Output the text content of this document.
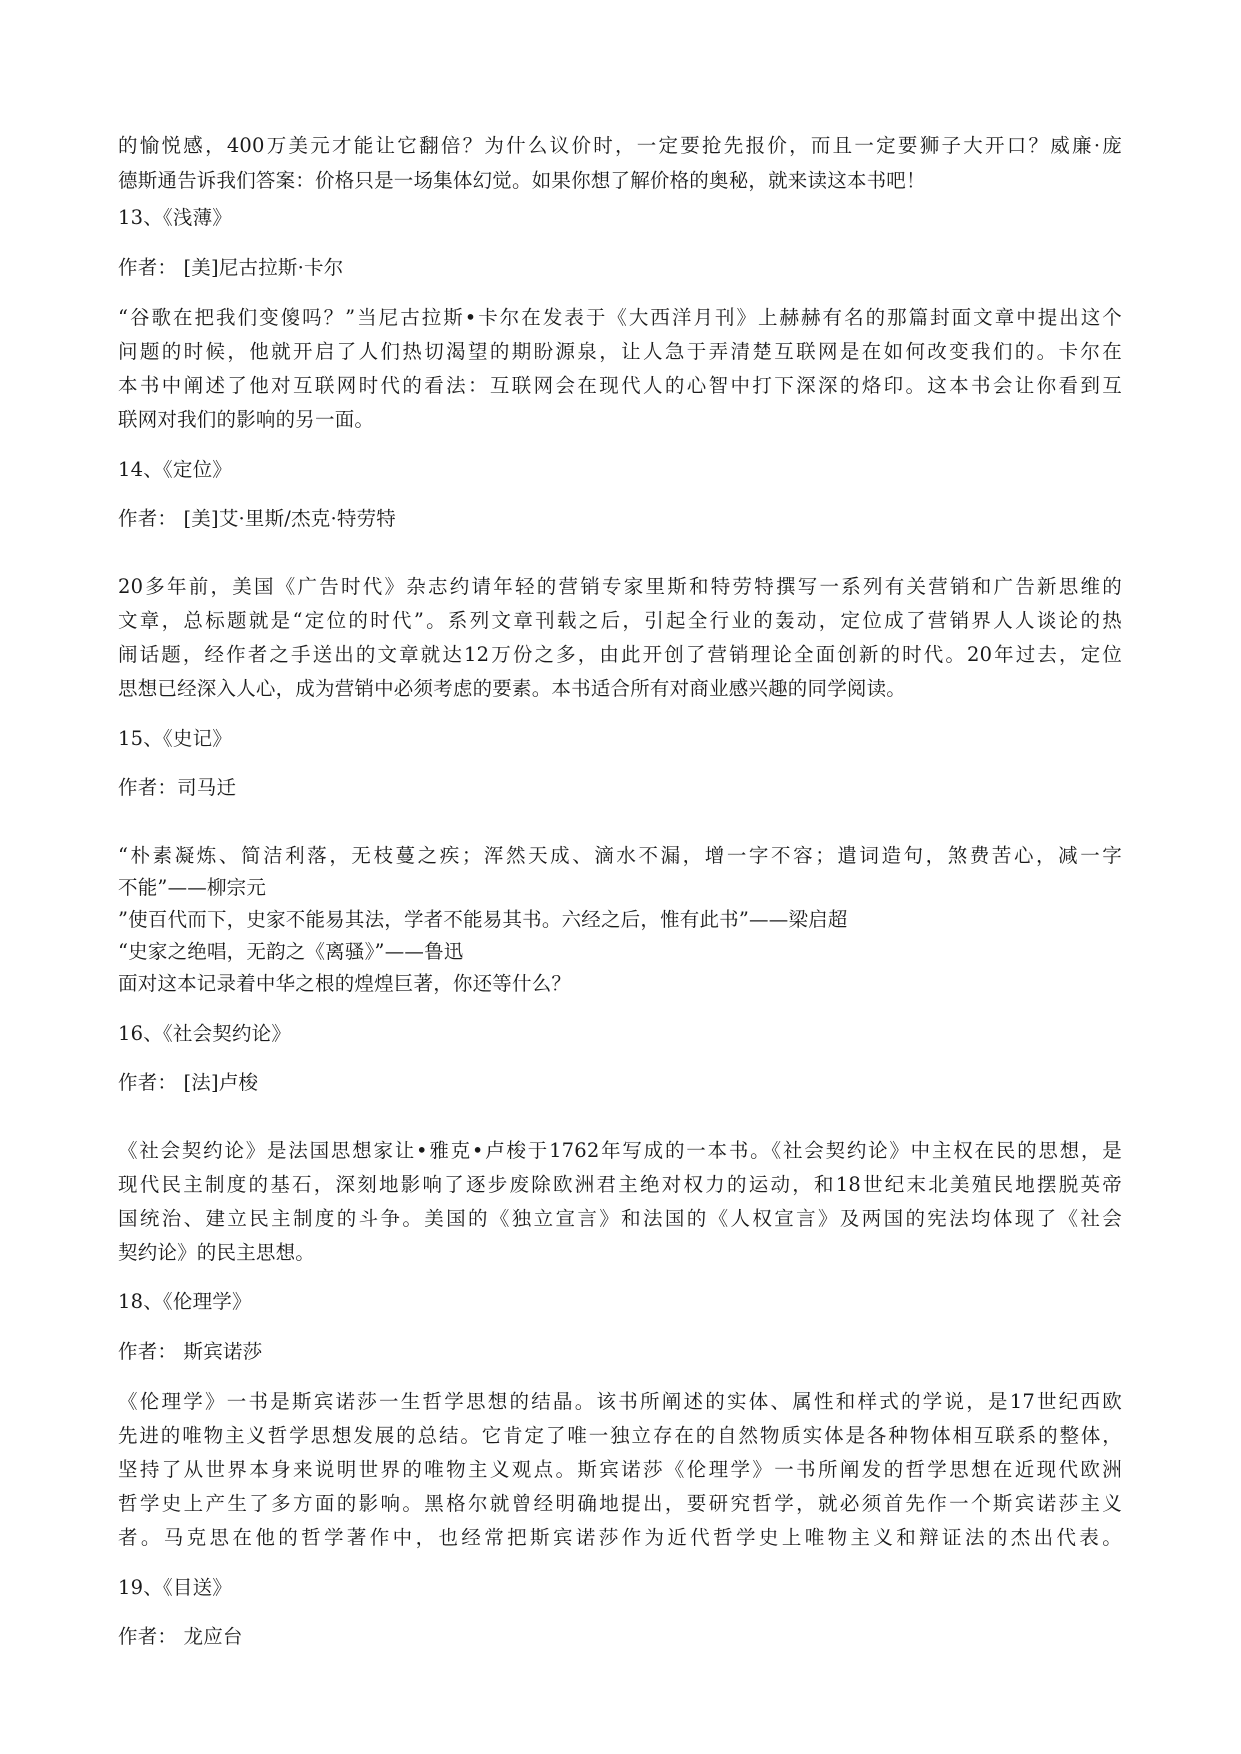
的愉悦感，400万美元才能让它翻倍？为什么议价时，一定要抢先报价，而且一定要狮子大开口？威廉·庞
德斯通告诉我们答案：价格只是一场集体幻觉。如果你想了解价格的奥秘，就来读这本书吧！
13、《浅薄》
作者： [美]尼古拉斯·卡尔
“谷歌在把我们变傻吗？”当尼古拉斯•卡尔在发表于《大西洋月刊》上赫赫有名的那篇封面文章中提出这个
问题的时候，他就开启了人们热切渴望的期盼源泉，让人急于弄清楚互联网是在如何改变我们的。卡尔在
本书中阐述了他对互联网时代的看法：互联网会在现代人的心智中打下深深的烙印。这本书会让你看到互
联网对我们的影响的另一面。
14、《定位》
作者： [美]艾·里斯/杰克·特劳特
20多年前，美国《广告时代》杂志约请年轻的营销专家里斯和特劳特撰写一系列有关营销和广告新思维的
文章，总标题就是“定位的时代”。系列文章刊载之后，引起全行业的轰动，定位成了营销界人人谈论的热
闹话题，经作者之手送出的文章就达12万份之多，由此开创了营销理论全面创新的时代。20年过去，定位
思想已经深入人心，成为营销中必须考虑的要素。本书适合所有对商业感兴趣的同学阅读。
15、《史记》
作者：司马迁
“朴素凝炼、简洁利落，无枝蔓之疾；浑然天成、滴水不漏，增一字不容；遣词造句，煞费苦心，减一字
不能”——柳宗元
”使百代而下，史家不能易其法，学者不能易其书。六经之后，惟有此书”——梁启超
“史家之绝唱，无韵之《离骚》”——鲁迅
面对这本记录着中华之根的煌煌巨著，你还等什么？
16、《社会契约论》
作者： [法]卢梭
《社会契约论》是法国思想家让•雅克•卢梭于1762年写成的一本书。《社会契约论》中主权在民的思想，是
现代民主制度的基石，深刻地影响了逐步废除欧洲君主绝对权力的运动，和18世纪末北美殖民地摆脱英帝
国统治、建立民主制度的斗争。美国的《独立宣言》和法国的《人权宣言》及两国的宪法均体现了《社会
契约论》的民主思想。
18、《伦理学》
作者： 斯宾诺莎
《伦理学》一书是斯宾诺莎一生哲学思想的结晶。该书所阐述的实体、属性和样式的学说，是17世纪西欧
先进的唯物主义哲学思想发展的总结。它肯定了唯一独立存在的自然物质实体是各种物体相互联系的整体，
坚持了从世界本身来说明世界的唯物主义观点。斯宾诺莎《伦理学》一书所阐发的哲学思想在近现代欧洲
哲学史上产生了多方面的影响。黑格尔就曾经明确地提出，要研究哲学，就必须首先作一个斯宾诺莎主义
者。马克思在他的哲学著作中，也经常把斯宾诺莎作为近代哲学史上唯物主义和辩证法的杰出代表。
19、《目送》
作者： 龙应台
